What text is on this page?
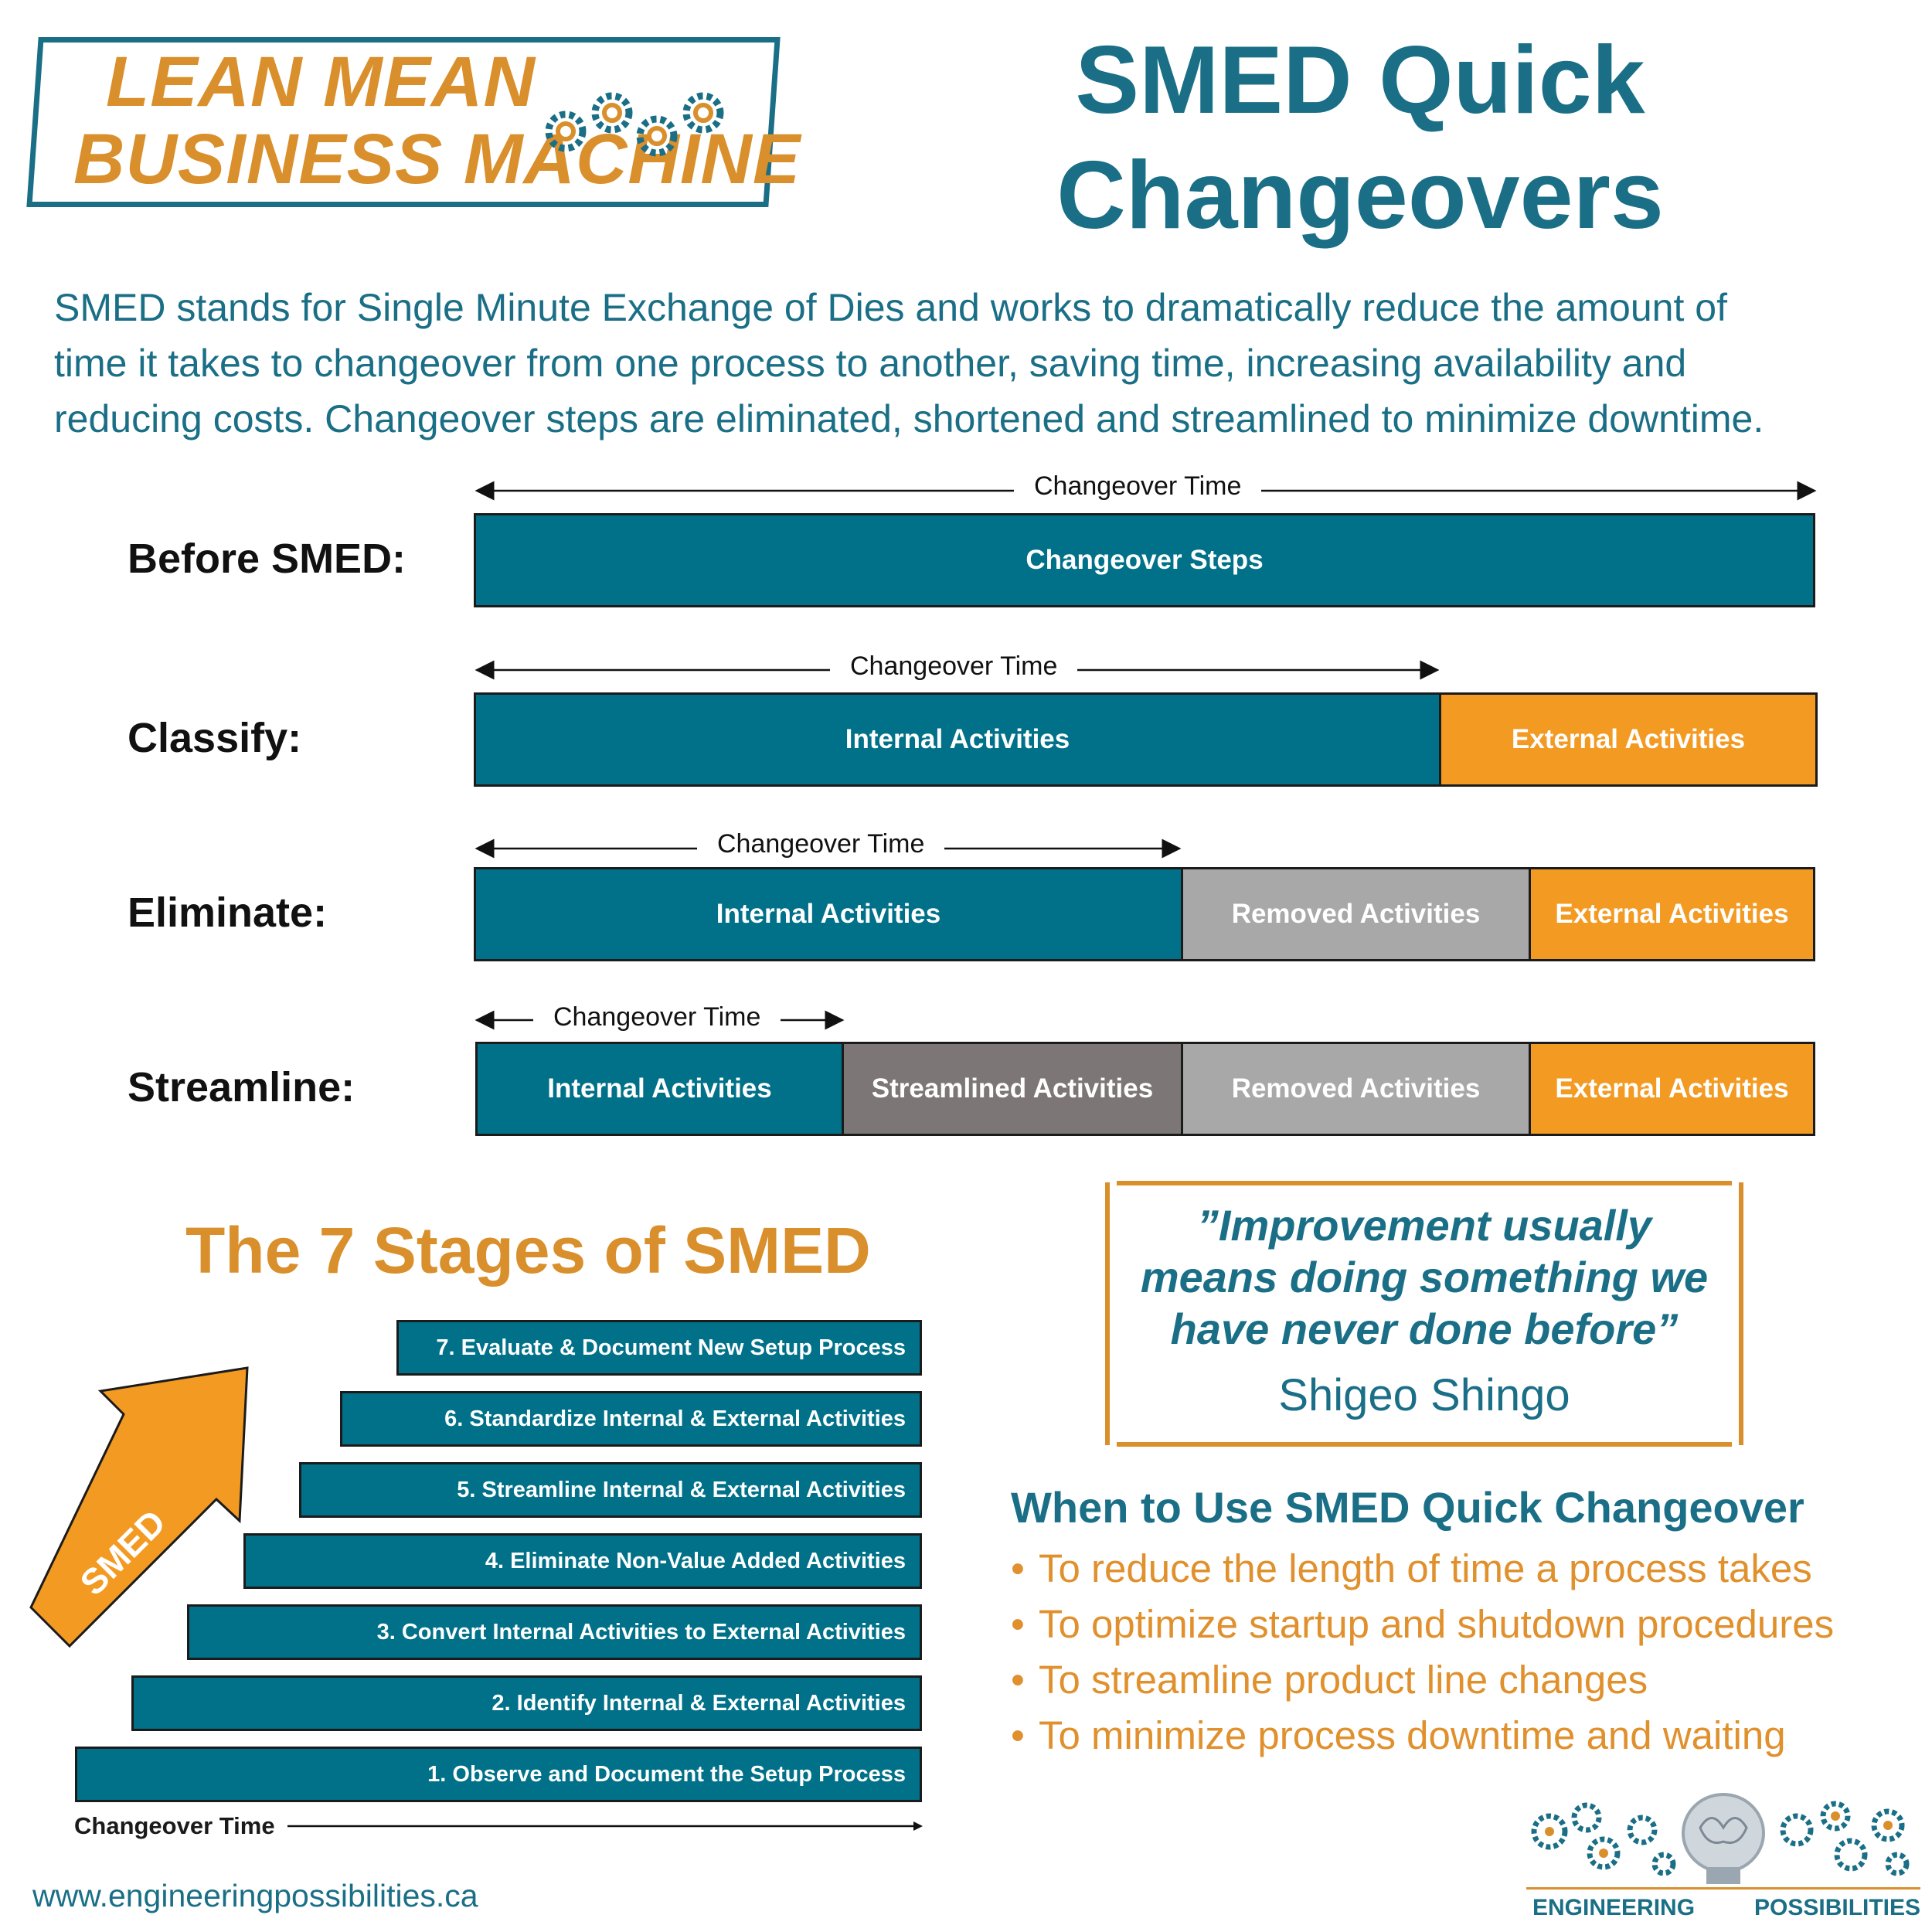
LEAN MEAN
BUSINESS MACHINE
SMED Quick
Changeovers
SMED stands for Single Minute Exchange of Dies and works to dramatically reduce the amount of
time it takes to changeover from one process to another, saving time, increasing availability and
reducing costs. Changeover steps are eliminated, shortened and streamlined to minimize downtime.
Before SMED:
Changeover Time
Changeover Steps
Classify:
Changeover Time
Internal Activities	External Activities
Eliminate:
Changeover Time
Internal Activities	Removed Activities	External Activities
Streamline:
Changeover Time
Internal Activities	Streamlined Activities	Removed Activities	External Activities
The 7 Stages of SMED
SMED
7. Evaluate & Document New Setup Process
6. Standardize Internal & External Activities
5. Streamline Internal & External Activities
4. Eliminate Non-Value Added Activities
3. Convert Internal Activities to External Activities
2. Identify Internal & External Activities
1. Observe and Document the Setup Process
Changeover Time
”Improvement usually
means doing something we
have never done before”
Shigeo Shingo
When to Use SMED Quick Changeover
• To reduce the length of time a process takes
• To optimize startup and shutdown procedures
• To streamline product line changes
• To minimize process downtime and waiting
www.engineeringpossibilities.ca	ENGINEERING	POSSIBILITIES
